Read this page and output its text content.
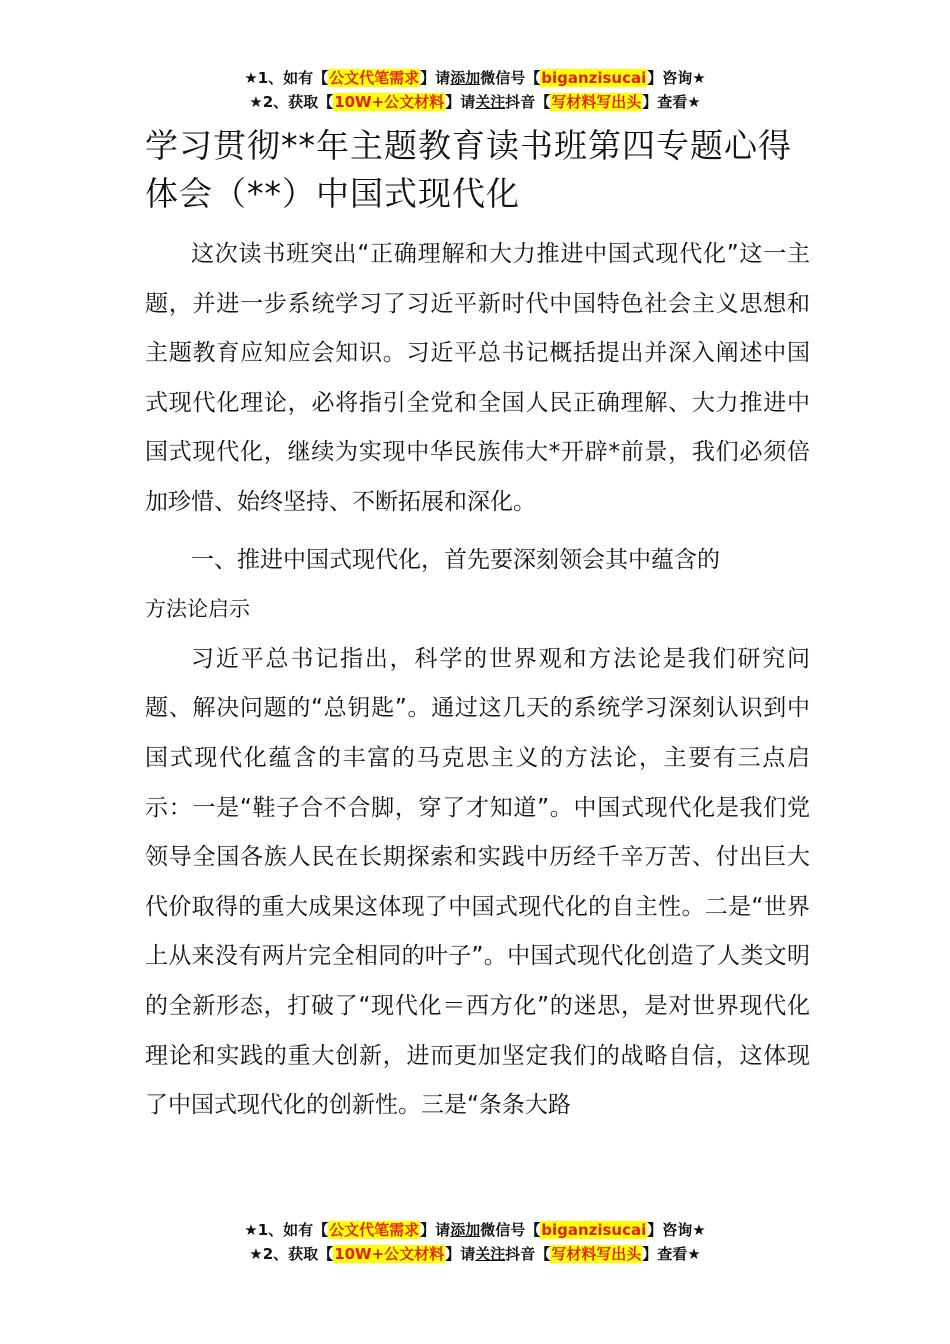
★1、如有【公文代笔需求】请添加微信号【biganzisucai】咨询★
★2、获取【10W+公文材料】请关注抖音【写材料写出头】查看★
学习贯彻**年主题教育读书班第四专题心得体会（**）中国式现代化

这次读书班突出“正确理解和大力推进中国式现代化”这一主题，并进一步系统学习了习近平新时代中国特色社会主义思想和主题教育应知应会知识。习近平总书记概括提出并深入阐述中国式现代化理论，必将指引全党和全国人民正确理解、大力推进中国式现代化，继续为实现中华民族伟大*开辟*前景，我们必须倍加珍惜、始终坚持、不断拓展和深化。

一、推进中国式现代化，首先要深刻领会其中蕴含的
方法论启示

习近平总书记指出，科学的世界观和方法论是我们研究问题、解决问题的“总钥匙”。通过这几天的系统学习深刻认识到中国式现代化蕴含的丰富的马克思主义的方法论，主要有三点启示：一是“鞋子合不合脚，穿了才知道”。中国式现代化是我们党领导全国各族人民在长期探索和实践中历经千辛万苦、付出巨大代价取得的重大成果这体现了中国式现代化的自主性。二是“世界上从来没有两片完全相同的叶子”。中国式现代化创造了人类文明的全新形态，打破了“现代化＝西方化”的迷思，是对世界现代化理论和实践的重大创新，进而更加坚定我们的战略自信，这体现了中国式现代化的创新性。三是“条条大路

★1、如有【公文代笔需求】请添加微信号【biganzisucai】咨询★
★2、获取【10W+公文材料】请关注抖音【写材料写出头】查看★
